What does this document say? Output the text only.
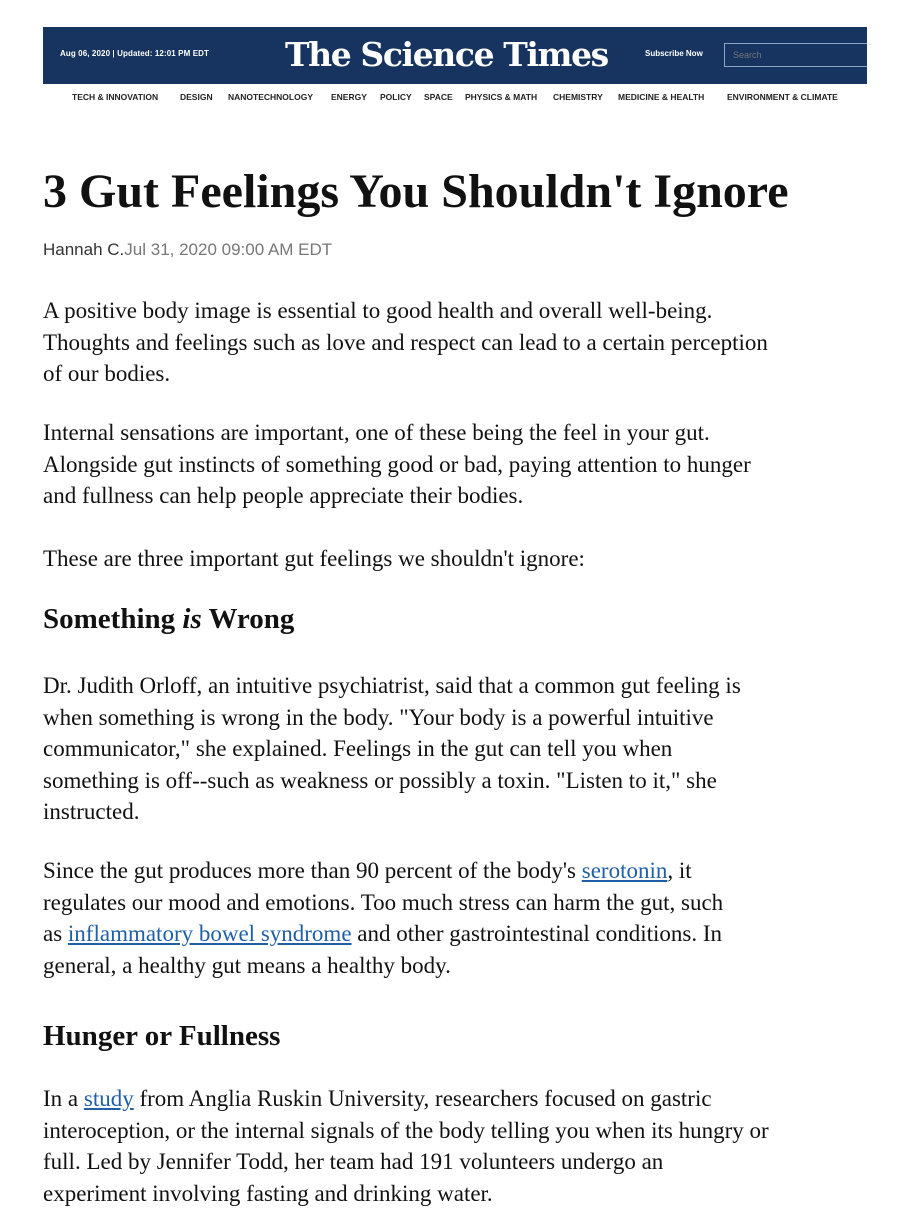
Aug 06, 2020 | Updated: 12:01 PM EDT The Science Times	Subscribe Now
Search
TECH & INNOVATION	DESIGN NANOTECHNOLOGY ENERGY POLICY SPACE PHYSICS & MATH CHEMISTRY MEDICINE & HEALTH	ENVIRONMENT & CLIMATE
3 Gut Feelings You Shouldn't Ignore
Hannah C.Jul 31, 2020 09:00 AM EDT
A positive body image is essential to good health and overall well-being.
Thoughts and feelings such as love and respect can lead to a certain perception
of our bodies.
Internal sensations are important, one of these being the feel in your gut.
Alongside gut instincts of something good or bad, paying attention to hunger
and fullness can help people appreciate their bodies.
These are three important gut feelings we shouldn't ignore:
Something is Wrong
Dr. Judith Orloff, an intuitive psychiatrist, said that a common gut feeling is
when something is wrong in the body. "Your body is a powerful intuitive
communicator," she explained. Feelings in the gut can tell you when
something is off--such as weakness or possibly a toxin. "Listen to it," she
instructed.
Since the gut produces more than 90 percent of the body's serotonin, it
regulates our mood and emotions. Too much stress can harm the gut, such
as inflammatory bowel syndrome and other gastrointestinal conditions. In
general, a healthy gut means a healthy body.
Hunger or Fullness
In a study from Anglia Ruskin University, researchers focused on gastric
interoception, or the internal signals of the body telling you when its hungry or
full. Led by Jennifer Todd, her team had 191 volunteers undergo an
experiment involving fasting and drinking water.
